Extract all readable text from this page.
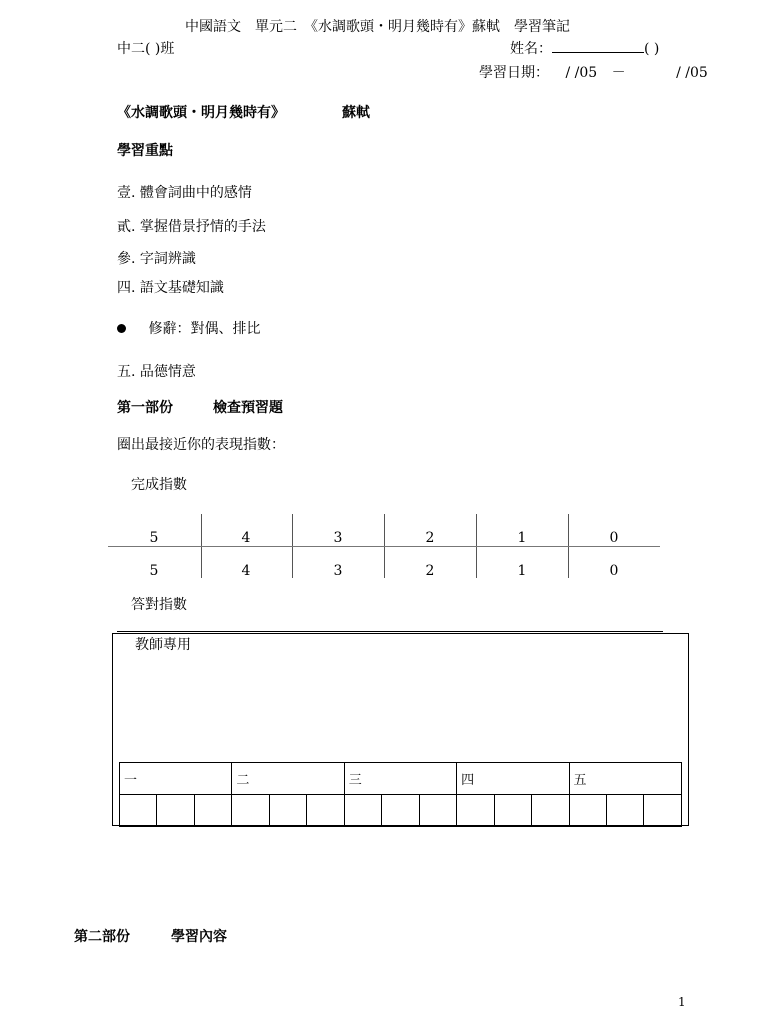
中國語文　單元二　《水調歌頭・明月幾時有》蘇軾　學習筆記
中二( )班	姓名：	( )
學習日期： / /05 －	/ /05
《水調歌頭・明月幾時有》	蘇軾
學習重點
壹. 體會詞曲中的感情
貳. 掌握借景抒情的手法
參. 字詞辨識
四. 語文基礎知識
修辭：對偶、排比
五. 品德情意
第一部份	檢查預習題
圈出最接近你的表現指數：
完成指數
5	4	3	2	1	0
5	4	3	2	1	0
答對指數
教師專用
一			二			三			四			五		

第二部份	學習內容
1
